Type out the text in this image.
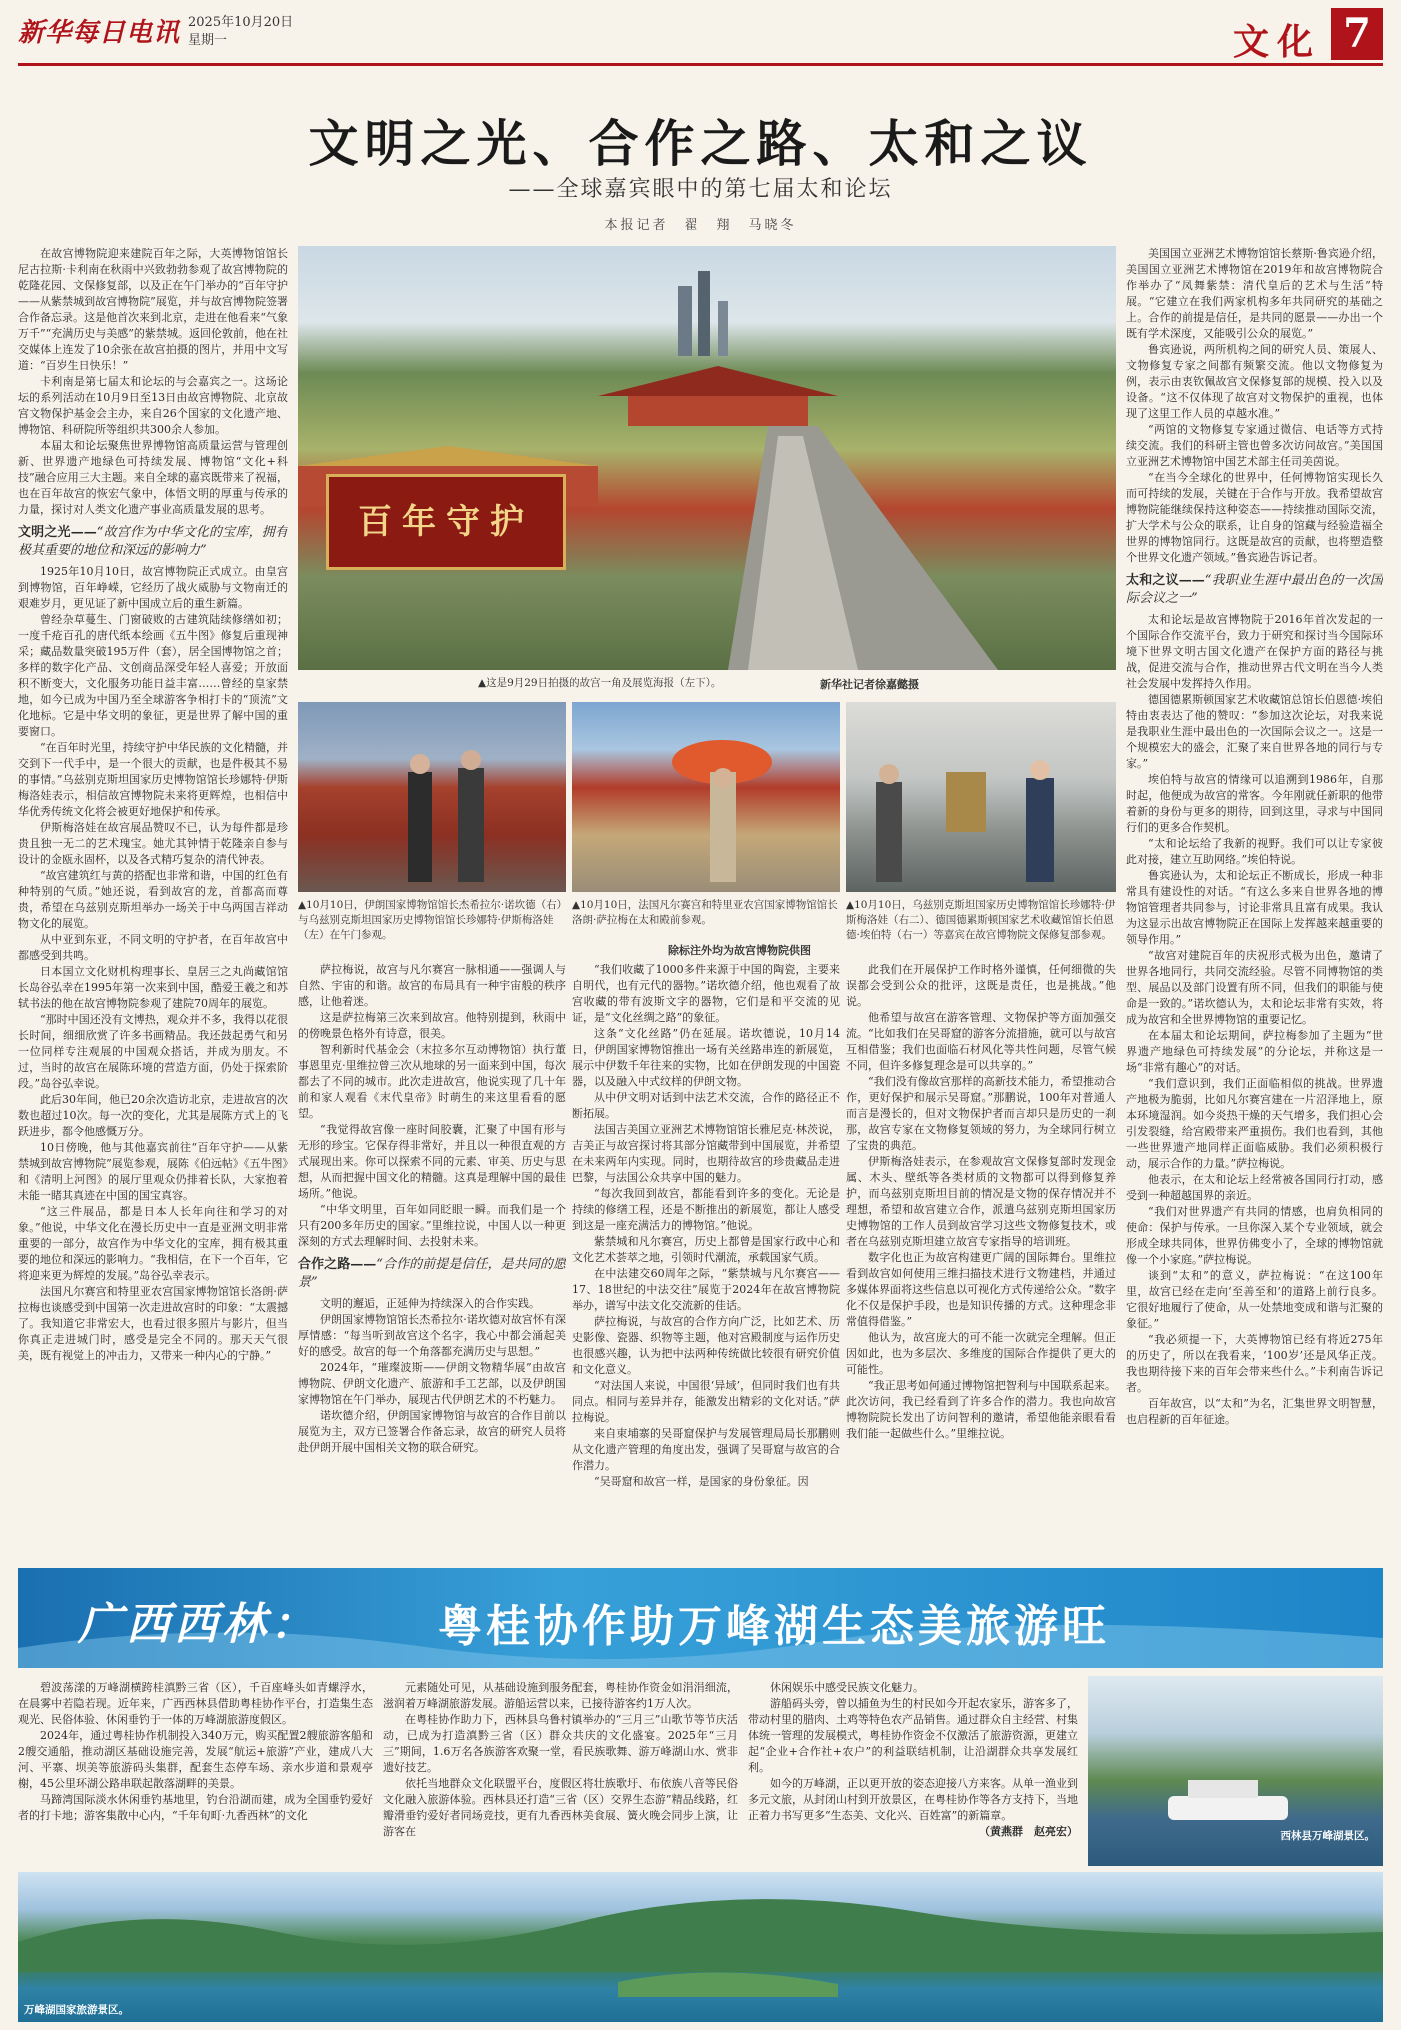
新华每日电讯 2025年10月20日
星期一	文化 7
文明之光、合作之路、太和之议
——全球嘉宾眼中的第七届太和论坛
本报记者　翟　翔　马晓冬

在故宫博物院迎来建院百年之际，大英博物馆馆长尼古拉斯·卡利南在秋雨中兴致勃勃参观了故宫博物院的乾隆花园、文保修复部，以及正在午门举办的“百年守护——从紫禁城到故宫博物院”展览，并与故宫博物院签署合作备忘录。这是他首次来到北京，走进在他看来“气象万千”“充满历史与美感”的紫禁城。返回伦敦前，他在社交媒体上连发了10余张在故宫拍摄的图片，并用中文写道：“百岁生日快乐！”

卡利南是第七届太和论坛的与会嘉宾之一。这场论坛的系列活动在10月9日至13日由故宫博物院、北京故宫文物保护基金会主办，来自26个国家的文化遗产地、博物馆、科研院所等组织共300余人参加。

本届太和论坛聚焦世界博物馆高质量运营与管理创新、世界遗产地绿色可持续发展、博物馆“文化+科技”融合应用三大主题。来自全球的嘉宾既带来了祝福，也在百年故宫的恢宏气象中，体悟文明的厚重与传承的力量，探讨对人类文化遗产事业高质量发展的思考。

文明之光——“故宫作为中华文化的宝库，拥有极其重要的地位和深远的影响力”

1925年10月10日，故宫博物院正式成立。由皇宫到博物馆，百年峥嵘，它经历了战火威胁与文物南迁的艰难岁月，更见证了新中国成立后的重生新篇。

曾经杂草蔓生、门窗破败的古建筑陆续修缮如初；一度千疮百孔的唐代纸本绘画《五牛图》修复后重现神采；藏品数量突破195万件（套），居全国博物馆之首；多样的数字化产品、文创商品深受年轻人喜爱；开放面积不断变大，文化服务功能日益丰富……曾经的皇家禁地，如今已成为中国乃至全球游客争相打卡的“顶流”文化地标。它是中华文明的象征，更是世界了解中国的重要窗口。

“在百年时光里，持续守护中华民族的文化精髓，并交到下一代手中，是一个很大的贡献，也是件极其不易的事情。”乌兹别克斯坦国家历史博物馆馆长珍娜特·伊斯梅洛娃表示，相信故宫博物院未来将更辉煌，也相信中华优秀传统文化将会被更好地保护和传承。

伊斯梅洛娃在故宫展品赞叹不已，认为每件都是珍贵且独一无二的艺术瑰宝。她尤其钟情于乾隆亲自参与设计的金瓯永固杯，以及各式精巧复杂的清代钟表。

“故宫建筑红与黄的搭配也非常和谐，中国的红色有种特别的气质。”她还说，看到故宫的龙，首都高而尊贵，希望在乌兹别克斯坦举办一场关于中乌两国吉祥动物文化的展览。

从中亚到东亚，不同文明的守护者，在百年故宫中都感受到共鸣。

日本国立文化财机构理事长、皇居三之丸尚藏馆馆长岛谷弘幸在1995年第一次来到中国，酷爱王羲之和苏轼书法的他在故宫博物院参观了建院70周年的展览。

“那时中国还没有文博热，观众并不多，我得以花很长时间，细细欣赏了许多书画精品。我还鼓起勇气和另一位同样专注观展的中国观众搭话，并成为朋友。不过，当时的故宫在展陈环境的营造方面，仍处于探索阶段。”岛谷弘幸说。

此后30年间，他已20余次造访北京，走进故宫的次数也超过10次。每一次的变化，尤其是展陈方式上的飞跃进步，都令他感慨万分。

10日傍晚，他与其他嘉宾前往“百年守护——从紫禁城到故宫博物院”展览参观，展陈《伯远帖》《五牛图》和《清明上河图》的展厅里观众仍排着长队，大家抱着未能一睹其真迹在中国的国宝真容。

“这三件展品，都是日本人长年向往和学习的对象。”他说，中华文化在漫长历史中一直是亚洲文明非常重要的一部分，故宫作为中华文化的宝库，拥有极其重要的地位和深远的影响力。“我相信，在下一个百年，它将迎来更为辉煌的发展。”岛谷弘幸表示。

法国凡尔赛宫和特里亚农宫国家博物馆馆长洛朗·萨拉梅也谈感受到中国第一次走进故宫时的印象：“太震撼了。我知道它非常宏大，也看过很多照片与影片，但当你真正走进城门时，感受是完全不同的。那天天气很美，既有视觉上的冲击力，又带来一种内心的宁静。”

百年守护
▲这是9月29日拍摄的故宫一角及展览海报（左下）。	新华社记者徐嘉懿摄
▲10月10日，伊朗国家博物馆馆长杰希拉尔·诺坎德（右）与乌兹别克斯坦国家历史博物馆馆长珍娜特·伊斯梅洛娃（左）在午门参观。
▲10月10日，法国凡尔赛宫和特里亚农宫国家博物馆馆长洛朗·萨拉梅在太和殿前参观。
▲10月10日，乌兹别克斯坦国家历史博物馆馆长珍娜特·伊斯梅洛娃（右二）、德国德累斯顿国家艺术收藏馆馆长伯恩德·埃伯特（右一）等嘉宾在故宫博物院文保修复部参观。
除标注外均为故宫博物院供图

萨拉梅说，故宫与凡尔赛宫一脉相通——强调人与自然、宇宙的和谐。故宫的布局具有一种宇宙般的秩序感，让他着迷。

这是萨拉梅第三次来到故宫。他特别提到，秋雨中的傍晚景色格外有诗意，很美。

智利新时代基金会（末拉多尔互动博物馆）执行董事恩里克·里维拉曾三次从地球的另一面来到中国，每次都去了不同的城市。此次走进故宫，他说实现了几十年前和家人观看《末代皇帝》时萌生的来这里看看的愿望。

“我觉得故宫像一座时间胶囊，汇聚了中国有形与无形的珍宝。它保存得非常好，并且以一种很直观的方式展现出来。你可以探索不同的元素、审美、历史与思想，从而把握中国文化的精髓。这真是理解中国的最佳场所。”他说。

“中华文明里，百年如同眨眼一瞬。而我们是一个只有200多年历史的国家。”里维拉说，中国人以一种更深刻的方式去理解时间、去投射未来。

合作之路——“合作的前提是信任，是共同的愿景”

文明的邂逅，正延伸为持续深入的合作实践。

伊朗国家博物馆馆长杰希拉尔·诺坎德对故宫怀有深厚情感：“每当听到故宫这个名字，我心中都会涌起美好的感受。故宫的每一个角落都充满历史与思想。”

2024年，“璀璨波斯——伊朗文物精华展”由故宫博物院、伊朗文化遗产、旅游和手工艺部，以及伊朗国家博物馆在午门举办，展现古代伊朗艺术的不朽魅力。

诺坎德介绍，伊朗国家博物馆与故宫的合作目前以展览为主，双方已签署合作备忘录，故宫的研究人员将赴伊朗开展中国相关文物的联合研究。

“我们收藏了1000多件来源于中国的陶瓷，主要来自明代，也有元代的器物。”诺坎德介绍，他也观看了故宫收藏的带有波斯文字的器物，它们是和平交流的见证，是“文化丝绸之路”的象征。

这条“文化丝路”仍在延展。诺坎德说，10月14日，伊朗国家博物馆推出一场有关丝路串连的新展览，展示中伊数千年往来的实物，比如在伊朗发现的中国瓷器，以及融入中式纹样的伊朗文物。

从中伊文明对话到中法艺术交流，合作的路径正不断拓展。

法国吉美国立亚洲艺术博物馆馆长雅尼克·林茨说，吉美正与故宫探讨将其部分馆藏带到中国展览，并希望在未来两年内实现。同时，也期待故宫的珍贵藏品走进巴黎，与法国公众共享中国的魅力。

“每次我回到故宫，都能看到许多的变化。无论是持续的修缮工程，还是不断推出的新展览，都让人感受到这是一座充满活力的博物馆。”他说。

紫禁城和凡尔赛宫，历史上都曾是国家行政中心和文化艺术荟萃之地，引领时代潮流，承载国家气质。

在中法建交60周年之际，“紫禁城与凡尔赛宫——17、18世纪的中法交往”展览于2024年在故宫博物院举办，谱写中法文化交流新的佳话。

萨拉梅说，与故宫的合作方向广泛，比如艺术、历史影像、瓷器、织物等主题，他对宫殿制度与运作历史也很感兴趣，认为把中法两种传统做比较很有研究价值和文化意义。

“对法国人来说，中国很‘异域’，但同时我们也有共同点。相同与差异并存，能激发出精彩的文化对话。”萨拉梅说。

来自束埔寨的吴哥窟保护与发展管理局局长那鹏则从文化遗产管理的角度出发，强调了吴哥窟与故宫的合作潜力。

“吴哥窟和故宫一样，是国家的身份象征。因

此我们在开展保护工作时格外谨慎，任何细微的失误都会受到公众的批评，这既是责任，也是挑战。”他说。

他希望与故宫在游客管理、文物保护等方面加强交流。“比如我们在吴哥窟的游客分流措施，就可以与故宫互相借鉴；我们也面临石材风化等共性问题，尽管气候不同，但许多修复理念是可以共享的。”

“我们没有像故宫那样的高新技术能力，希望推动合作，更好保护和展示吴哥窟。”那鹏说，100年对普通人而言是漫长的，但对文物保护者而言却只是历史的一刹那，故宫专家在文物修复领域的努力，为全球同行树立了宝贵的典范。

伊斯梅洛娃表示，在参观故宫文保修复部时发现金属、木头、壁纸等各类材质的文物都可以得到修复养护，而乌兹别克斯坦目前的情况是文物的保存情况并不理想，希望和故宫建立合作，派遣乌兹别克斯坦国家历史博物馆的工作人员到故宫学习这些文物修复技术，或者在乌兹别克斯坦建立故宫专家指导的培训班。

数字化也正为故宫构建更广阔的国际舞台。里维拉看到故宫如何使用三维扫描技术进行文物建档，并通过多媒体界面将这些信息以可视化方式传递给公众。“数字化不仅是保护手段，也是知识传播的方式。这种理念非常值得借鉴。”

他认为，故宫庞大的可不能一次就完全理解。但正因如此，也为多层次、多维度的国际合作提供了更大的可能性。

“我正思考如何通过博物馆把智利与中国联系起来。此次访问，我已经看到了许多合作的潜力。我也向故宫博物院院长发出了访问智利的邀请，希望他能亲眼看看我们能一起做些什么。”里维拉说。

美国国立亚洲艺术博物馆馆长蔡斯·鲁宾逊介绍，美国国立亚洲艺术博物馆在2019年和故宫博物院合作举办了“凤舞紫禁：清代皇后的艺术与生活”特展。“它建立在我们两家机构多年共同研究的基础之上。合作的前提是信任，是共同的愿景——办出一个既有学术深度，又能吸引公众的展览。”

鲁宾逊说，两所机构之间的研究人员、策展人、文物修复专家之间都有频繁交流。他以文物修复为例，表示由衷钦佩故宫文保修复部的规模、投入以及设备。“这不仅体现了故宫对文物保护的重视，也体现了这里工作人员的卓越水准。”

“两馆的文物修复专家通过微信、电话等方式持续交流。我们的科研主管也曾多次访问故宫。”美国国立亚洲艺术博物馆中国艺术部主任司美茵说。

“在当今全球化的世界中，任何博物馆实现长久而可持续的发展，关键在于合作与开放。我希望故宫博物院能继续保持这种姿态——持续推动国际交流，扩大学术与公众的联系，让自身的馆藏与经验造福全世界的博物馆同行。这既是故宫的贡献，也将塑造整个世界文化遗产领域。”鲁宾逊告诉记者。

太和之议——“我职业生涯中最出色的一次国际会议之一”

太和论坛是故宫博物院于2016年首次发起的一个国际合作交流平台，致力于研究和探讨当今国际环境下世界文明古国文化遗产在保护方面的路径与挑战，促进交流与合作，推动世界古代文明在当今人类社会发展中发挥持久作用。

德国德累斯顿国家艺术收藏馆总馆长伯恩德·埃伯特由衷表达了他的赞叹：“参加这次论坛，对我来说是我职业生涯中最出色的一次国际会议之一。这是一个规模宏大的盛会，汇聚了来自世界各地的同行与专家。”

埃伯特与故宫的情缘可以追溯到1986年，自那时起，他便成为故宫的常客。今年刚就任新职的他带着新的身份与更多的期待，回到这里，寻求与中国同行们的更多合作契机。

“太和论坛给了我新的视野。我们可以让专家彼此对接，建立互助网络。”埃伯特说。

鲁宾逊认为，太和论坛正不断成长，形成一种非常具有建设性的对话。“有这么多来自世界各地的博物馆管理者共同参与，讨论非常具且富有成果。我认为这显示出故宫博物院正在国际上发挥越来越重要的领导作用。”

“故宫对建院百年的庆祝形式极为出色，邀请了世界各地同行，共同交流经验。尽管不同博物馆的类型、展品以及部门设置有所不同，但我们的职能与使命是一致的。”诺坎德认为，太和论坛非常有实效，将成为故宫和全世界博物馆的重要记忆。

在本届太和论坛期间，萨拉梅参加了主题为“世界遗产地绿色可持续发展”的分论坛，并称这是一场“非常有趣心”的对话。

“我们意识到，我们正面临相似的挑战。世界遗产地极为脆弱，比如凡尔赛宫建在一片沼泽地上，原本环境湿润。如今炎热干燥的天气增多，我们担心会引发裂缝，给宫殿带来严重损伤。我们也看到，其他一些世界遗产地同样正面临威胁。我们必须积极行动，展示合作的力量。”萨拉梅说。

他表示，在太和论坛上经常被各国同行打动，感受到一种超越国界的亲近。

“我们对世界遗产有共同的情感，也肩负相同的使命：保护与传承。一旦你深入某个专业领域，就会形成全球共同体，世界仿佛变小了，全球的博物馆就像一个小家庭。”萨拉梅说。

谈到“太和”的意义，萨拉梅说：“在这100年里，故宫已经在走向‘至善至和’的道路上前行良多。它很好地履行了使命，从一处禁地变成和谐与汇聚的象征。”

“我必须提一下，大英博物馆已经有将近275年的历史了，所以在我看来，‘100岁’还是风华正茂。我也期待接下来的百年会带来些什么。”卡利南告诉记者。

百年故宫，以“太和”为名，汇集世界文明智慧，也启程新的百年征途。

广西西林：	粤桂协作助万峰湖生态美旅游旺

碧波荡漾的万峰湖横跨桂滇黔三省（区），千百座峰头如青螺浮水，在晨雾中若隐若现。近年来，广西西林县借助粤桂协作平台，打造集生态观光、民俗体验、休闲垂钓于一体的万峰湖旅游度假区。

2024年，通过粤桂协作机制投入340万元，购买配置2艘旅游客船和2艘交通船，推动湖区基础设施完善，发展“航运+旅游”产业，建成八大河、平寨、坝美等旅游码头集群，配套生态停车场、亲水步道和景观亭榭，45公里环湖公路串联起散落湖畔的美景。

马蹄湾国际淡水休闲垂钓基地里，钓台沿湖而建，成为全国垂钓爱好者的打卡地；游客集散中心内，“千年旬町·九香西林”的文化

元素随处可见，从基础设施到服务配套，粤桂协作资金如涓涓细流，滋润着万峰湖旅游发展。游船运营以来，已接待游客约1万人次。

在粤桂协作助力下，西林县乌鲁村镇举办的“三月三”山歌节等节庆活动，已成为打造滇黔三省（区）群众共庆的文化盛宴。2025年“三月三”期间，1.6万名各族游客欢聚一堂，看民族歌舞、游万峰湖山水、赏非遗好技艺。

依托当地群众文化联盟平台，度假区将壮族歌圩、布依族八音等民俗文化融入旅游体验。西林县还打造“三省（区）交界生态游”精品线路，红瓣滑垂钓爱好者同场竞技，更有九香西林美食展、簧火晚会同步上演，让游客在

休闲娱乐中感受民族文化魅力。

游船码头旁，曾以捕鱼为生的村民如今开起农家乐，游客多了，带动村里的腊肉、土鸡等特色农产品销售。通过群众自主经营、村集体统一管理的发展模式，粤桂协作资金不仅激活了旅游资源，更建立起“企业+合作社+农户”的利益联结机制，让沿湖群众共享发展红利。

如今的万峰湖，正以更开放的姿态迎接八方来客。从单一渔业到多元文旅，从封闭山村到开放景区，在粤桂协作等各方支持下，当地正着力书写更多“生态美、文化兴、百姓富”的新篇章。

（黄燕群　赵亮宏）	西林县万峰湖景区。
万峰湖国家旅游景区。
